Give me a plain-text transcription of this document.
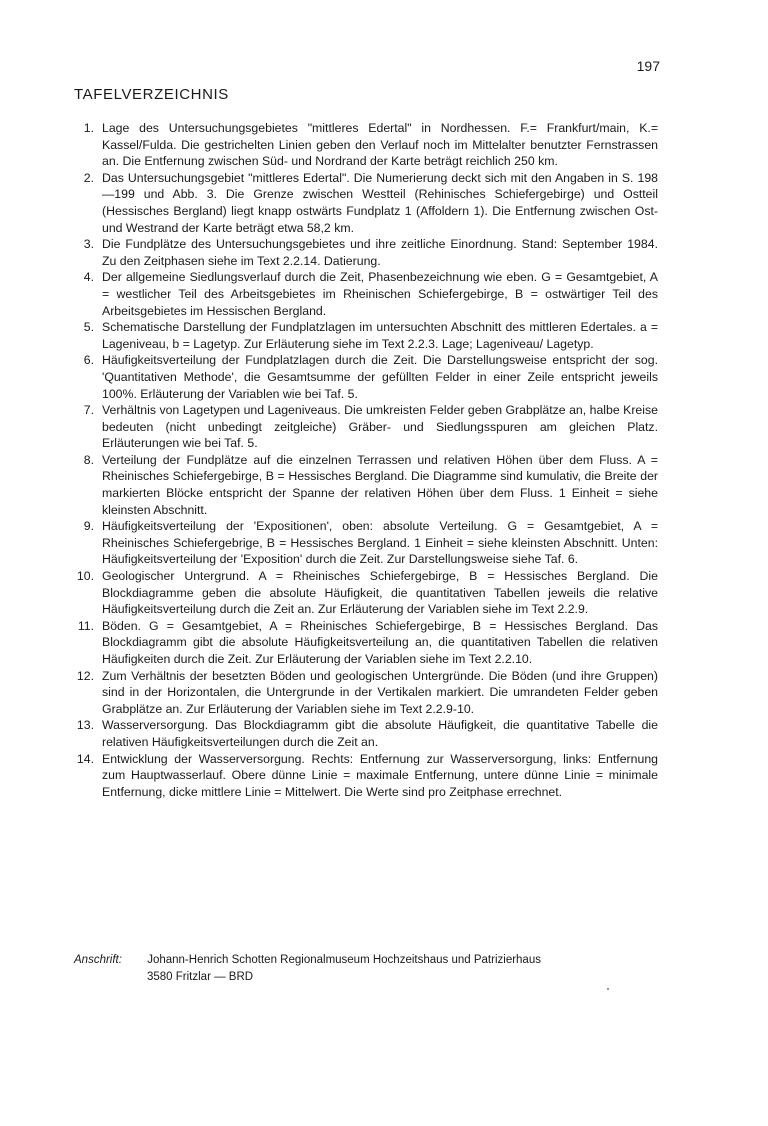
197
TAFELVERZEICHNIS
1. Lage des Untersuchungsgebietes "mittleres Edertal" in Nordhessen. F.= Frankfurt/main, K.= Kassel/Fulda. Die gestrichelten Linien geben den Verlauf noch im Mittelalter benutzter Fernstrassen an. Die Entfernung zwischen Süd- und Nordrand der Karte beträgt reichlich 250 km.
2. Das Untersuchungsgebiet "mittleres Edertal". Die Numerierung deckt sich mit den Angaben in S. 198—199 und Abb. 3. Die Grenze zwischen Westteil (Rehinisches Schiefergebirge) und Ostteil (Hessisches Bergland) liegt knapp ostwärts Fundplatz 1 (Affoldern 1). Die Entfernung zwischen Ost- und Westrand der Karte beträgt etwa 58,2 km.
3. Die Fundplätze des Untersuchungsgebietes und ihre zeitliche Einordnung. Stand: September 1984. Zu den Zeitphasen siehe im Text 2.2.14. Datierung.
4. Der allgemeine Siedlungsverlauf durch die Zeit, Phasenbezeichnung wie eben. G = Gesamtgebiet, A = westlicher Teil des Arbeitsgebietes im Rheinischen Schiefergebirge, B = ostwärtiger Teil des Arbeitsgebietes im Hessischen Bergland.
5. Schematische Darstellung der Fundplatzlagen im untersuchten Abschnitt des mittleren Edertales. a = Lageniveau, b = Lagetyp. Zur Erläuterung siehe im Text 2.2.3. Lage; Lageniveau/ Lagetyp.
6. Häufigkeitsverteilung der Fundplatzlagen durch die Zeit. Die Darstellungsweise entspricht der sog. 'Quantitativen Methode', die Gesamtsumme der gefüllten Felder in einer Zeile entspricht jeweils 100%. Erläuterung der Variablen wie bei Taf. 5.
7. Verhältnis von Lagetypen und Lageniveaus. Die umkreisten Felder geben Grabplätze an, halbe Kreise bedeuten (nicht unbedingt zeitgleiche) Gräber- und Siedlungsspuren am gleichen Platz. Erläuterungen wie bei Taf. 5.
8. Verteilung der Fundplätze auf die einzelnen Terrassen und relativen Höhen über dem Fluss. A = Rheinisches Schiefergebirge, B = Hessisches Bergland. Die Diagramme sind kumulativ, die Breite der markierten Blöcke entspricht der Spanne der relativen Höhen über dem Fluss. 1 Einheit = siehe kleinsten Abschnitt.
9. Häufigkeitsverteilung der 'Expositionen', oben: absolute Verteilung. G = Gesamtgebiet, A = Rheinisches Schiefergebrige, B = Hessisches Bergland. 1 Einheit = siehe kleinsten Abschnitt. Unten: Häufigkeitsverteilung der 'Exposition' durch die Zeit. Zur Darstellungsweise siehe Taf. 6.
10. Geologischer Untergrund. A = Rheinisches Schiefergebirge, B = Hessisches Bergland. Die Blockdiagramme geben die absolute Häufigkeit, die quantitativen Tabellen jeweils die relative Häufigkeitsverteilung durch die Zeit an. Zur Erläuterung der Variablen siehe im Text 2.2.9.
11. Böden. G = Gesamtgebiet, A = Rheinisches Schiefergebirge, B = Hessisches Bergland. Das Blockdiagramm gibt die absolute Häufigkeitsverteilung an, die quantitativen Tabellen die relativen Häufigkeiten durch die Zeit. Zur Erläuterung der Variablen siehe im Text 2.2.10.
12. Zum Verhältnis der besetzten Böden und geologischen Untergründe. Die Böden (und ihre Gruppen) sind in der Horizontalen, die Untergrunde in der Vertikalen markiert. Die umrandeten Felder geben Grabplätze an. Zur Erläuterung der Variablen siehe im Text 2.2.9-10.
13. Wasserversorgung. Das Blockdiagramm gibt die absolute Häufigkeit, die quantitative Tabelle die relativen Häufigkeitsverteilungen durch die Zeit an.
14. Entwicklung der Wasserversorgung. Rechts: Entfernung zur Wasserversorgung, links: Entfernung zum Hauptwasserlauf. Obere dünne Linie = maximale Entfernung, untere dünne Linie = minimale Entfernung, dicke mittlere Linie = Mittelwert. Die Werte sind pro Zeitphase errechnet.
Anschrift: Johann-Henrich Schotten Regionalmuseum Hochzeitshaus und Patrizierhaus
3580 Fritzlar — BRD
